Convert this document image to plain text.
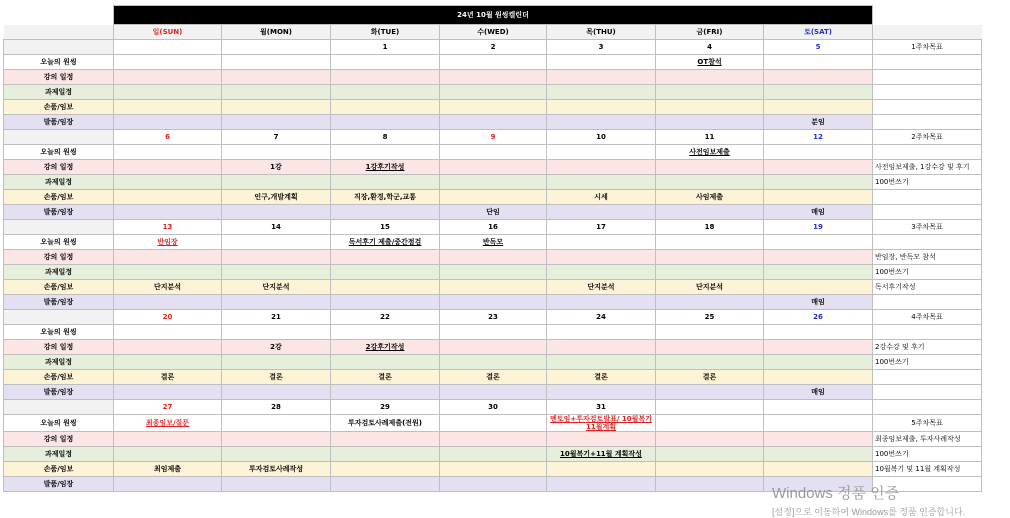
	24년 10월 원씽캘린더							
	일(SUN)	월(MON)	화(TUE)	수(WED)	목(THU)	금(FRI)	토(SAT)	
			1	2	3	4	5	1주차목표
오늘의 원씽						OT참석		
강의 일정								
과제일정								
손품/임보								
발품/임장							분임	
	6	7	8	9	10	11	12	2주차목표
오늘의 원씽						사전임보제출		
강의 일정		1강	1강후기작성					사전임보제출, 1강수강 및 후기
과제일정								100번쓰기
손품/임보		인구,개발계획	직장,환경,학군,교통		시세	사임제출		
발품/임장				단임			매임	
	13	14	15	16	17	18	19	3주차목표
오늘의 원씽	반임장		독서후기 제출/중간점검	반독모				
강의 일정								반임장, 반독모 참석
과제일정								100번쓰기
손품/임보	단지분석	단지분석			단지분석	단지분석		독서후기작성
발품/임장							매임	
	20	21	22	23	24	25	26	4주차목표
오늘의 원씽								
강의 일정		2강	2강후기작성					2강수강 및 후기
과제일정								100번쓰기
손품/임보	결론	결론	결론	결론	결론	결론		
발품/임장							매임	
	27	28	29	30	31			
오늘의 원씽	최종임보/질문		투자검토사례제출(전원)		멘토임+투자검토발표/ 10월복기 11월계획			5주차목표
강의 일정								최종임보제출, 투자사례작성
과제일정					10월복기+11월 계획작성			100번쓰기
손품/임보	최임제출	투자검토사례작성						10월복기 및 11월 계획작성
발품/임장								
Windows 정품 인증
[설정]으로 이동하여 Windows를 정품 인증합니다.
